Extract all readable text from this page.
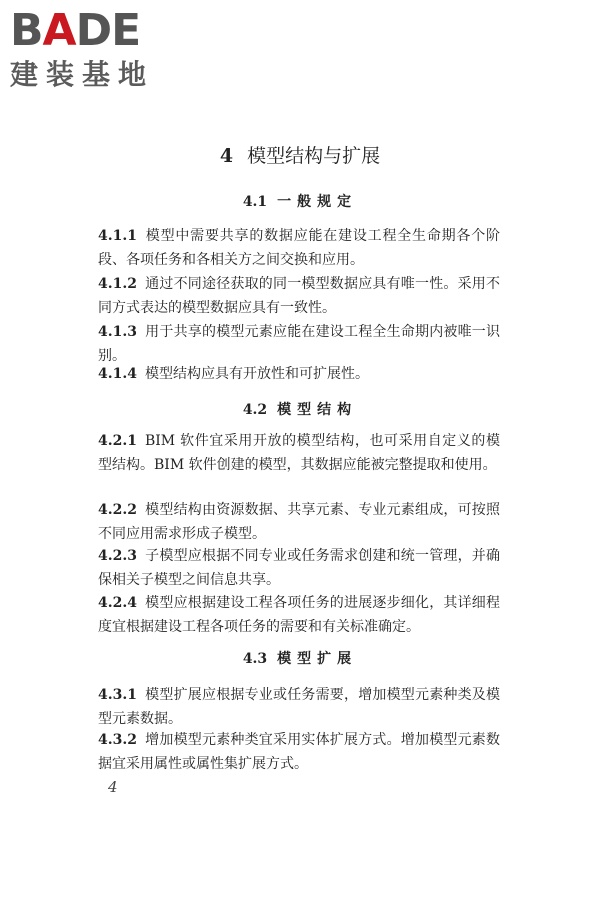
BADE
建装基地
4 模型结构与扩展
4.1 一般规定
4.1.1 模型中需要共享的数据应能在建设工程全生命期各个阶段、各项任务和各相关方之间交换和应用。
4.1.2 通过不同途径获取的同一模型数据应具有唯一性。采用不同方式表达的模型数据应具有一致性。
4.1.3 用于共享的模型元素应能在建设工程全生命期内被唯一识别。
4.1.4 模型结构应具有开放性和可扩展性。
4.2 模型结构
4.2.1 BIM 软件宜采用开放的模型结构，也可采用自定义的模型结构。BIM 软件创建的模型，其数据应能被完整提取和使用。
4.2.2 模型结构由资源数据、共享元素、专业元素组成，可按照不同应用需求形成子模型。
4.2.3 子模型应根据不同专业或任务需求创建和统一管理，并确保相关子模型之间信息共享。
4.2.4 模型应根据建设工程各项任务的进展逐步细化，其详细程度宜根据建设工程各项任务的需要和有关标准确定。
4.3 模型扩展
4.3.1 模型扩展应根据专业或任务需要，增加模型元素种类及模型元素数据。
4.3.2 增加模型元素种类宜采用实体扩展方式。增加模型元素数据宜采用属性或属性集扩展方式。
4
